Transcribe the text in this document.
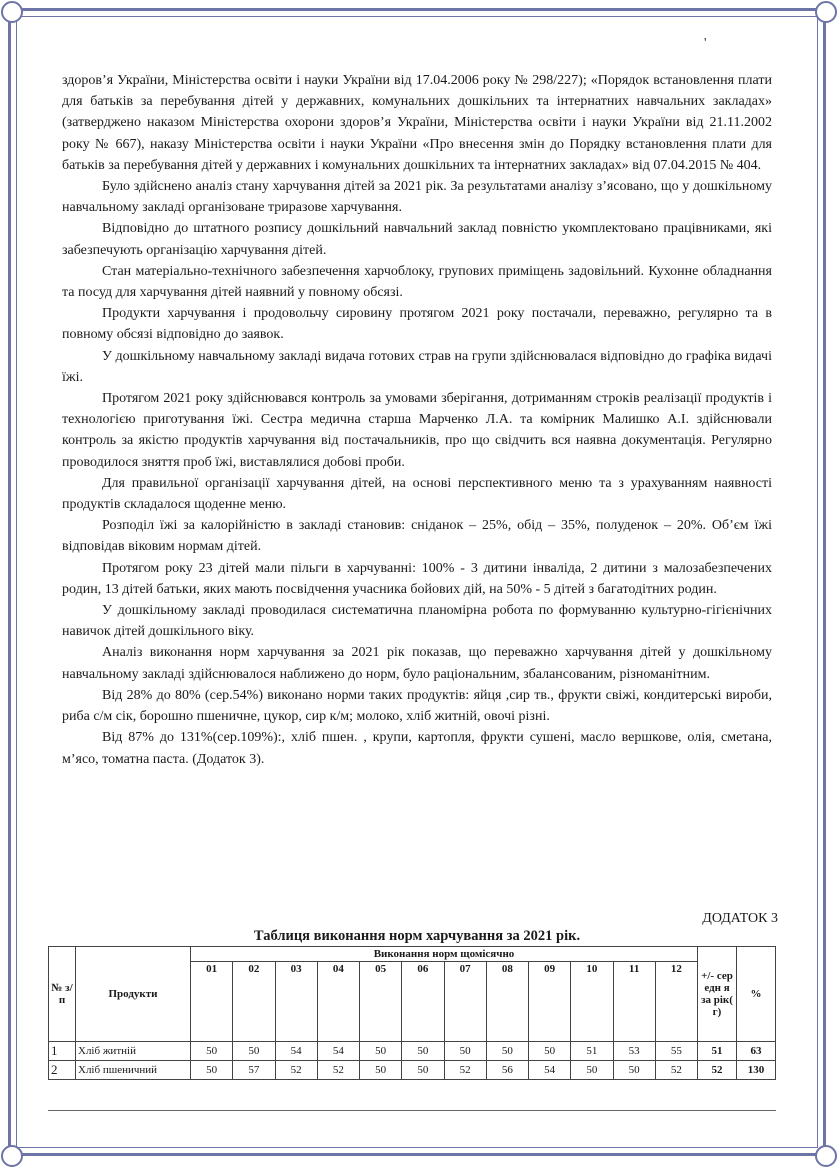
'

здоров’я України, Міністерства освіти і науки України від 17.04.2006 року № 298/227); «Порядок встановлення плати для батьків за перебування дітей у державних, комунальних дошкільних та інтернатних навчальних закладах» (затверджено наказом Міністерства охорони здоров’я України, Міністерства освіти і науки України від 21.11.2002 року № 667), наказу Міністерства освіти і науки України «Про внесення змін до Порядку встановлення плати для батьків за перебування дітей у державних і комунальних дошкільних та інтернатних закладах» від 07.04.2015 № 404.

Було здійснено аналіз стану харчування дітей за 2021 рік. За результатами аналізу з’ясовано, що у дошкільному навчальному закладі організоване триразове харчування.

Відповідно до штатного розпису дошкільний навчальний заклад повністю укомплектовано працівниками, які забезпечують організацію харчування дітей.

Стан матеріально-технічного забезпечення харчоблоку, групових приміщень задовільний. Кухонне обладнання та посуд для харчування дітей наявний у повному обсязі.

Продукти харчування і продовольчу сировину протягом 2021 року постачали, переважно, регулярно та в повному обсязі відповідно до заявок.

У дошкільному навчальному закладі видача готових страв на групи здійснювалася відповідно до графіка видачі їжі.

Протягом 2021 року здійснювався контроль за умовами зберігання, дотриманням строків реалізації продуктів і технологією приготування їжі. Сестра медична старша Марченко Л.А. та комірник Малишко А.І. здійснювали контроль за якістю продуктів харчування від постачальників, про що свідчить вся наявна документація. Регулярно проводилося зняття проб їжі, виставлялися добові проби.

Для правильної організації харчування дітей, на основі перспективного меню та з урахуванням наявності продуктів складалося щоденне меню.

Розподіл їжі за калорійністю в закладі становив: сніданок – 25%, обід – 35%, полуденок – 20%. Об’єм їжі відповідав віковим нормам дітей.

Протягом року 23 дітей мали пільги в харчуванні: 100% - 3 дитини інваліда, 2 дитини з малозабезпечених родин, 13 дітей батьки, яких мають посвідчення учасника бойових дій, на 50% - 5 дітей з багатодітних родин.

У дошкільному закладі проводилася систематична планомірна робота по формуванню культурно-гігієнічних навичок дітей дошкільного віку.

Аналіз виконання норм харчування за 2021 рік показав, що переважно харчування дітей у дошкільному навчальному закладі здійснювалося наближено до норм, було раціональним, збалансованим, різноманітним.

Від 28% до 80% (сер.54%) виконано норми таких продуктів: яйця ,сир тв., фрукти свіжі, кондитерські вироби, риба с/м сік, борошно пшеничне, цукор, сир к/м; молоко, хліб житній, овочі різні.

Від 87% до 131%(сер.109%):, хліб пшен. , крупи, картопля, фрукти сушені, масло вершкове, олія, сметана, м’ясо, томатна паста. (Додаток 3).

ДОДАТОК 3
Таблиця виконання норм харчування за 2021 рік.
№ з/п	Продукти	Виконання норм щомісячно												+/- сер едн я за рік( г)	%
		01	02	03	04	05	06	07	08	09	10	11	12		
1	Хліб житній	50	50	54	54	50	50	50	50	50	51	53	55	51	63
2	Хліб пшеничний	50	57	52	52	50	50	52	56	54	50	50	52	52	130
